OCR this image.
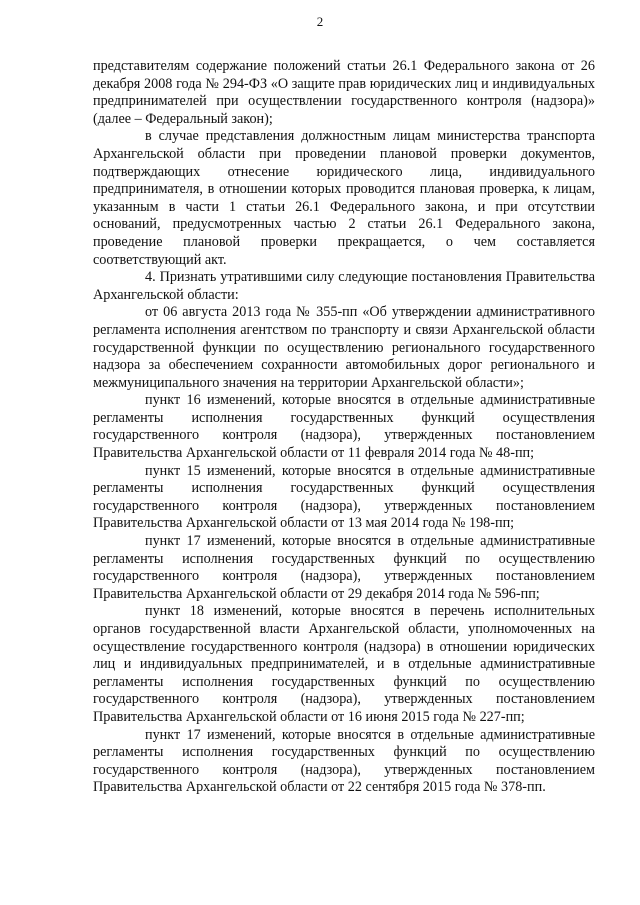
2

представителям содержание положений статьи 26.1 Федерального закона от 26 декабря 2008 года № 294-ФЗ «О защите прав юридических лиц и индивидуальных предпринимателей при осуществлении государственного контроля (надзора)» (далее – Федеральный закон);

в случае представления должностным лицам министерства транспорта Архангельской области при проведении плановой проверки документов, подтверждающих отнесение юридического лица, индивидуального предпринимателя, в отношении которых проводится плановая проверка, к лицам, указанным в части 1 статьи 26.1 Федерального закона, и при отсутствии оснований, предусмотренных частью 2 статьи 26.1 Федерального закона, проведение плановой проверки прекращается, о чем составляется соответствующий акт.

4. Признать утратившими силу следующие постановления Правительства Архангельской области:

от 06 августа 2013 года № 355-пп «Об утверждении административного регламента исполнения агентством по транспорту и связи Архангельской области государственной функции по осуществлению регионального государственного надзора за обеспечением сохранности автомобильных дорог регионального и межмуниципального значения на территории Архангельской области»;

пункт 16 изменений, которые вносятся в отдельные административные регламенты исполнения государственных функций осуществления государственного контроля (надзора), утвержденных постановлением Правительства Архангельской области от 11 февраля 2014 года № 48-пп;

пункт 15 изменений, которые вносятся в отдельные административные регламенты исполнения государственных функций осуществления государственного контроля (надзора), утвержденных постановлением Правительства Архангельской области от 13 мая 2014 года № 198-пп;

пункт 17 изменений, которые вносятся в отдельные административные регламенты исполнения государственных функций по осуществлению государственного контроля (надзора), утвержденных постановлением Правительства Архангельской области от 29 декабря 2014 года № 596-пп;

пункт 18 изменений, которые вносятся в перечень исполнительных органов государственной власти Архангельской области, уполномоченных на осуществление государственного контроля (надзора) в отношении юридических лиц и индивидуальных предпринимателей, и в отдельные административные регламенты исполнения государственных функций по осуществлению государственного контроля (надзора), утвержденных постановлением Правительства Архангельской области от 16 июня 2015 года № 227-пп;

пункт 17 изменений, которые вносятся в отдельные административные регламенты исполнения государственных функций по осуществлению государственного контроля (надзора), утвержденных постановлением Правительства Архангельской области от 22 сентября 2015 года № 378-пп.
